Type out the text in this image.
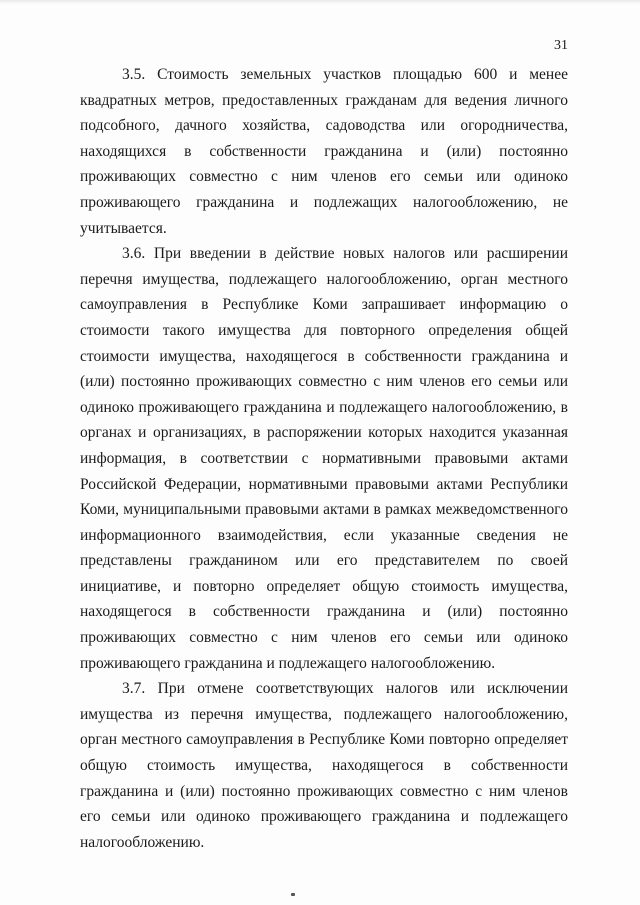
31

3.5. Стоимость земельных участков площадью 600 и менее квадратных метров, предоставленных гражданам для ведения личного подсобного, дачного хозяйства, садоводства или огородничества, находящихся в собственности гражданина и (или) постоянно проживающих совместно с ним членов его семьи или одиноко проживающего гражданина и подлежащих налогообложению, не учитывается.

3.6. При введении в действие новых налогов или расширении перечня имущества, подлежащего налогообложению, орган местного самоуправления в Республике Коми запрашивает информацию о стоимости такого имущества для повторного определения общей стоимости имущества, находящегося в собственности гражданина и (или) постоянно проживающих совместно с ним членов его семьи или одиноко проживающего гражданина и подлежащего налогообложению, в органах и организациях, в распоряжении которых находится указанная информация, в соответствии с нормативными правовыми актами Российской Федерации, нормативными правовыми актами Республики Коми, муниципальными правовыми актами в рамках межведомственного информационного взаимодействия, если указанные сведения не представлены гражданином или его представителем по своей инициативе, и повторно определяет общую стоимость имущества, находящегося в собственности гражданина и (или) постоянно проживающих совместно с ним членов его семьи или одиноко проживающего гражданина и подлежащего налогообложению.

3.7. При отмене соответствующих налогов или исключении имущества из перечня имущества, подлежащего налогообложению, орган местного самоуправления в Республике Коми повторно определяет общую стоимость имущества, находящегося в собственности гражданина и (или) постоянно проживающих совместно с ним членов его семьи или одиноко проживающего гражданина и подлежащего налогообложению.
